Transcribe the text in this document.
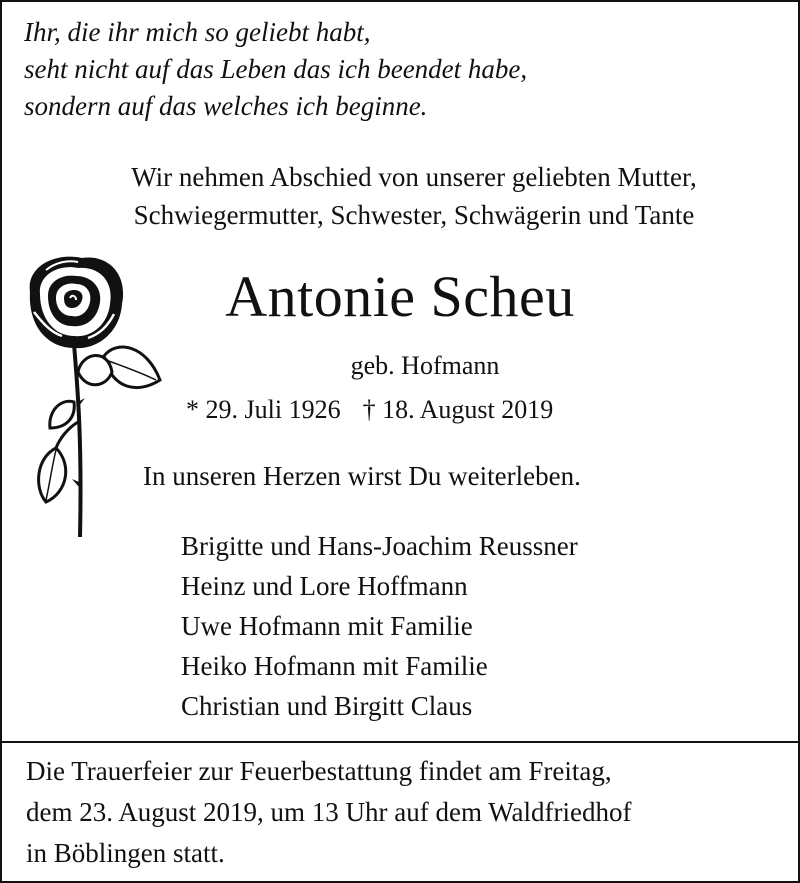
Ihr, die ihr mich so geliebt habt,
seht nicht auf das Leben das ich beendet habe,
sondern auf das welches ich beginne.
Wir nehmen Abschied von unserer geliebten Mutter,
Schwiegermutter, Schwester, Schwägerin und Tante
Antonie Scheu
geb. Hofmann
* 29. Juli 1926 † 18. August 2019
In unseren Herzen wirst Du weiterleben.
Brigitte und Hans-Joachim Reussner
Heinz und Lore Hoffmann
Uwe Hofmann mit Familie
Heiko Hofmann mit Familie
Christian und Birgitt Claus
Die Trauerfeier zur Feuerbestattung findet am Freitag,
dem 23. August 2019, um 13 Uhr auf dem Waldfriedhof
in Böblingen statt.
